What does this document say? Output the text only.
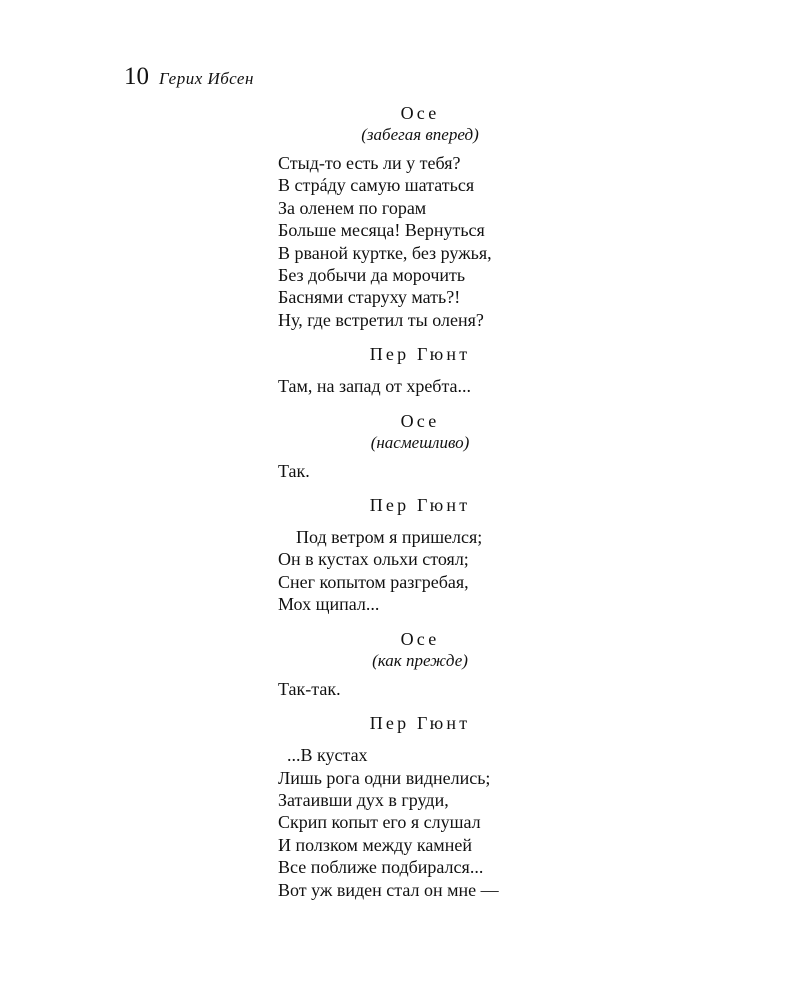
10 Герих Ибсен

Осе

(забегая вперед)

Стыд-то есть ли у тебя?

В стрáду самую шататься

За оленем по горам

Больше месяца! Вернуться

В рваной куртке, без ружья,

Без добычи да морочить

Баснями старуху мать?!

Ну, где встретил ты оленя?

Пер Гюнт

Там, на запад от хребта...

Осе

(насмешливо)

Так.

Пер Гюнт

Под ветром я пришелся;

Он в кустах ольхи стоял;

Снег копытом разгребая,

Мох щипал...

Осе

(как прежде)

Так-так.

Пер Гюнт

...В кустах

Лишь рога одни виднелись;

Затаивши дух в груди,

Скрип копыт его я слушал

И ползком между камней

Все поближе подбирался...

Вот уж виден стал он мне —
